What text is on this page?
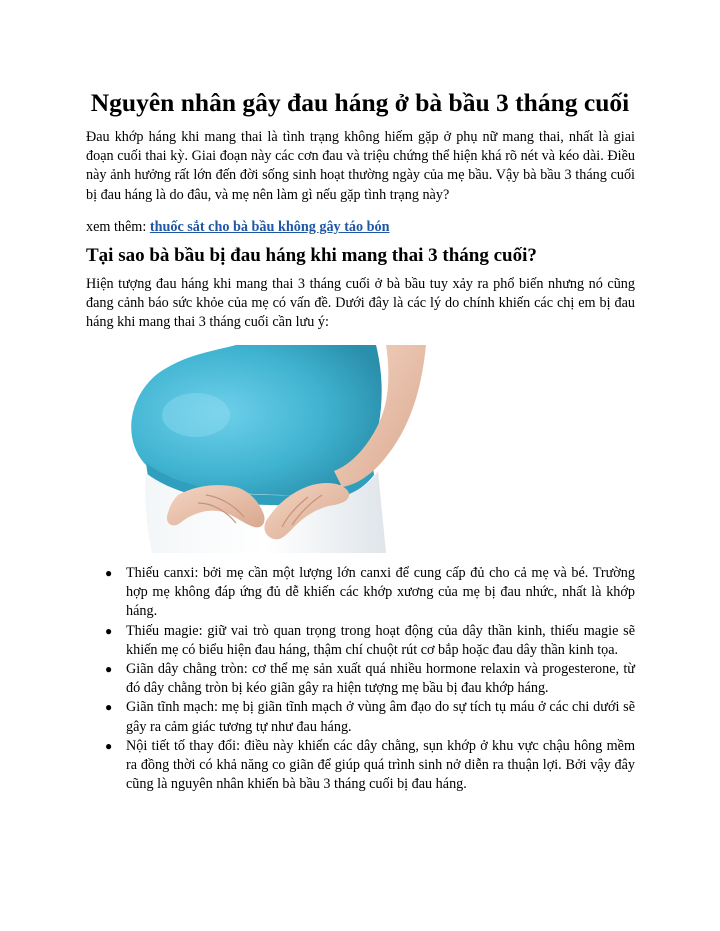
Nguyên nhân gây đau háng ở bà bầu 3 tháng cuối

Đau khớp háng khi mang thai là tình trạng không hiếm gặp ở phụ nữ mang thai, nhất là giai đoạn cuối thai kỳ. Giai đoạn này các cơn đau và triệu chứng thể hiện khá rõ nét và kéo dài. Điều này ảnh hưởng rất lớn đến đời sống sinh hoạt thường ngày của mẹ bầu. Vậy bà bầu 3 tháng cuối bị đau háng là do đâu, và mẹ nên làm gì nếu gặp tình trạng này?

xem thêm: thuốc sắt cho bà bầu không gây táo bón

Tại sao bà bầu bị đau háng khi mang thai 3 tháng cuối?

Hiện tượng đau háng khi mang thai 3 tháng cuối ở bà bầu tuy xảy ra phổ biến nhưng nó cũng đang cảnh báo sức khỏe của mẹ có vấn đề. Dưới đây là các lý do chính khiến các chị em bị đau háng khi mang thai 3 tháng cuối cần lưu ý:

● Thiếu canxi: bởi mẹ cần một lượng lớn canxi để cung cấp đủ cho cả mẹ và bé. Trường hợp mẹ không đáp ứng đủ dễ khiến các khớp xương của mẹ bị đau nhức, nhất là khớp háng.
● Thiếu magie: giữ vai trò quan trọng trong hoạt động của dây thần kinh, thiếu magie sẽ khiến mẹ có biểu hiện đau háng, thậm chí chuột rút cơ bắp hoặc đau dây thần kinh tọa.
● Giãn dây chằng tròn: cơ thể mẹ sản xuất quá nhiều hormone relaxin và progesterone, từ đó dây chằng tròn bị kéo giãn gây ra hiện tượng mẹ bầu bị đau khớp háng.
● Giãn tĩnh mạch: mẹ bị giãn tĩnh mạch ở vùng âm đạo do sự tích tụ máu ở các chi dưới sẽ gây ra cảm giác tương tự như đau háng.
● Nội tiết tố thay đổi: điều này khiến các dây chằng, sụn khớp ở khu vực chậu hông mềm ra đồng thời có khả năng co giãn để giúp quá trình sinh nở diễn ra thuận lợi. Bởi vậy đây cũng là nguyên nhân khiến bà bầu 3 tháng cuối bị đau háng.
